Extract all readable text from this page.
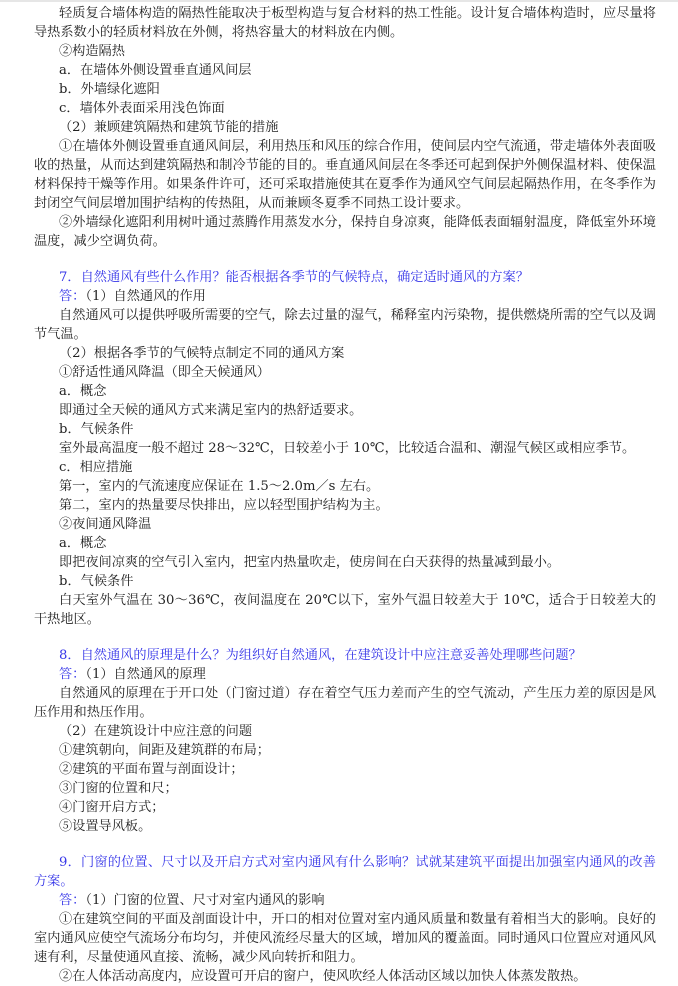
轻质复合墙体构造的隔热性能取决于板型构造与复合材料的热工性能。设计复合墙体构造时，应尽量将导热系数小的轻质材料放在外侧，将热容量大的材料放在内侧。

②构造隔热

a．在墙体外侧设置垂直通风间层

b．外墙绿化遮阳

c．墙体外表面采用浅色饰面

（2）兼顾建筑隔热和建筑节能的措施

①在墙体外侧设置垂直通风间层，利用热压和风压的综合作用，使间层内空气流通，带走墙体外表面吸收的热量，从而达到建筑隔热和制冷节能的目的。垂直通风间层在冬季还可起到保护外侧保温材料、使保温材料保持干燥等作用。如果条件许可，还可采取措施使其在夏季作为通风空气间层起隔热作用，在冬季作为封闭空气间层增加围护结构的传热阻，从而兼顾冬夏季不同热工设计要求。

②外墙绿化遮阳利用树叶通过蒸腾作用蒸发水分，保持自身凉爽，能降低表面辐射温度，降低室外环境温度，减少空调负荷。

7．自然通风有些什么作用？能否根据各季节的气候特点，确定适时通风的方案？

答：（1）自然通风的作用

自然通风可以提供呼吸所需要的空气，除去过量的湿气，稀释室内污染物，提供燃烧所需的空气以及调节气温。

（2）根据各季节的气候特点制定不同的通风方案

①舒适性通风降温（即全天候通风）

a．概念

即通过全天候的通风方式来满足室内的热舒适要求。

b．气候条件

室外最高温度一般不超过 28～32℃，日较差小于 10℃，比较适合温和、潮湿气候区或相应季节。

c．相应措施

第一，室内的气流速度应保证在 1.5～2.0m／s 左右。

第二，室内的热量要尽快排出，应以轻型围护结构为主。

②夜间通风降温

a．概念

即把夜间凉爽的空气引入室内，把室内热量吹走，使房间在白天获得的热量减到最小。

b．气候条件

白天室外气温在 30～36℃，夜间温度在 20℃以下，室外气温日较差大于 10℃，适合于日较差大的干热地区。

8．自然通风的原理是什么？为组织好自然通风，在建筑设计中应注意妥善处理哪些问题？

答：（1）自然通风的原理

自然通风的原理在于开口处（门窗过道）存在着空气压力差而产生的空气流动，产生压力差的原因是风压作用和热压作用。

（2）在建筑设计中应注意的问题

①建筑朝向，间距及建筑群的布局；

②建筑的平面布置与剖面设计；

③门窗的位置和尺；

④门窗开启方式；

⑤设置导风板。

9．门窗的位置、尺寸以及开启方式对室内通风有什么影响？试就某建筑平面提出加强室内通风的改善方案。

答：（1）门窗的位置、尺寸对室内通风的影响

①在建筑空间的平面及剖面设计中，开口的相对位置对室内通风质量和数量有着相当大的影响。良好的室内通风应使空气流场分布均匀，并使风流经尽量大的区域，增加风的覆盖面。同时通风口位置应对通风风速有利，尽量使通风直接、流畅，减少风向转折和阻力。

②在人体活动高度内，应设置可开启的窗户，使风吹经人体活动区域以加快人体蒸发散热。
